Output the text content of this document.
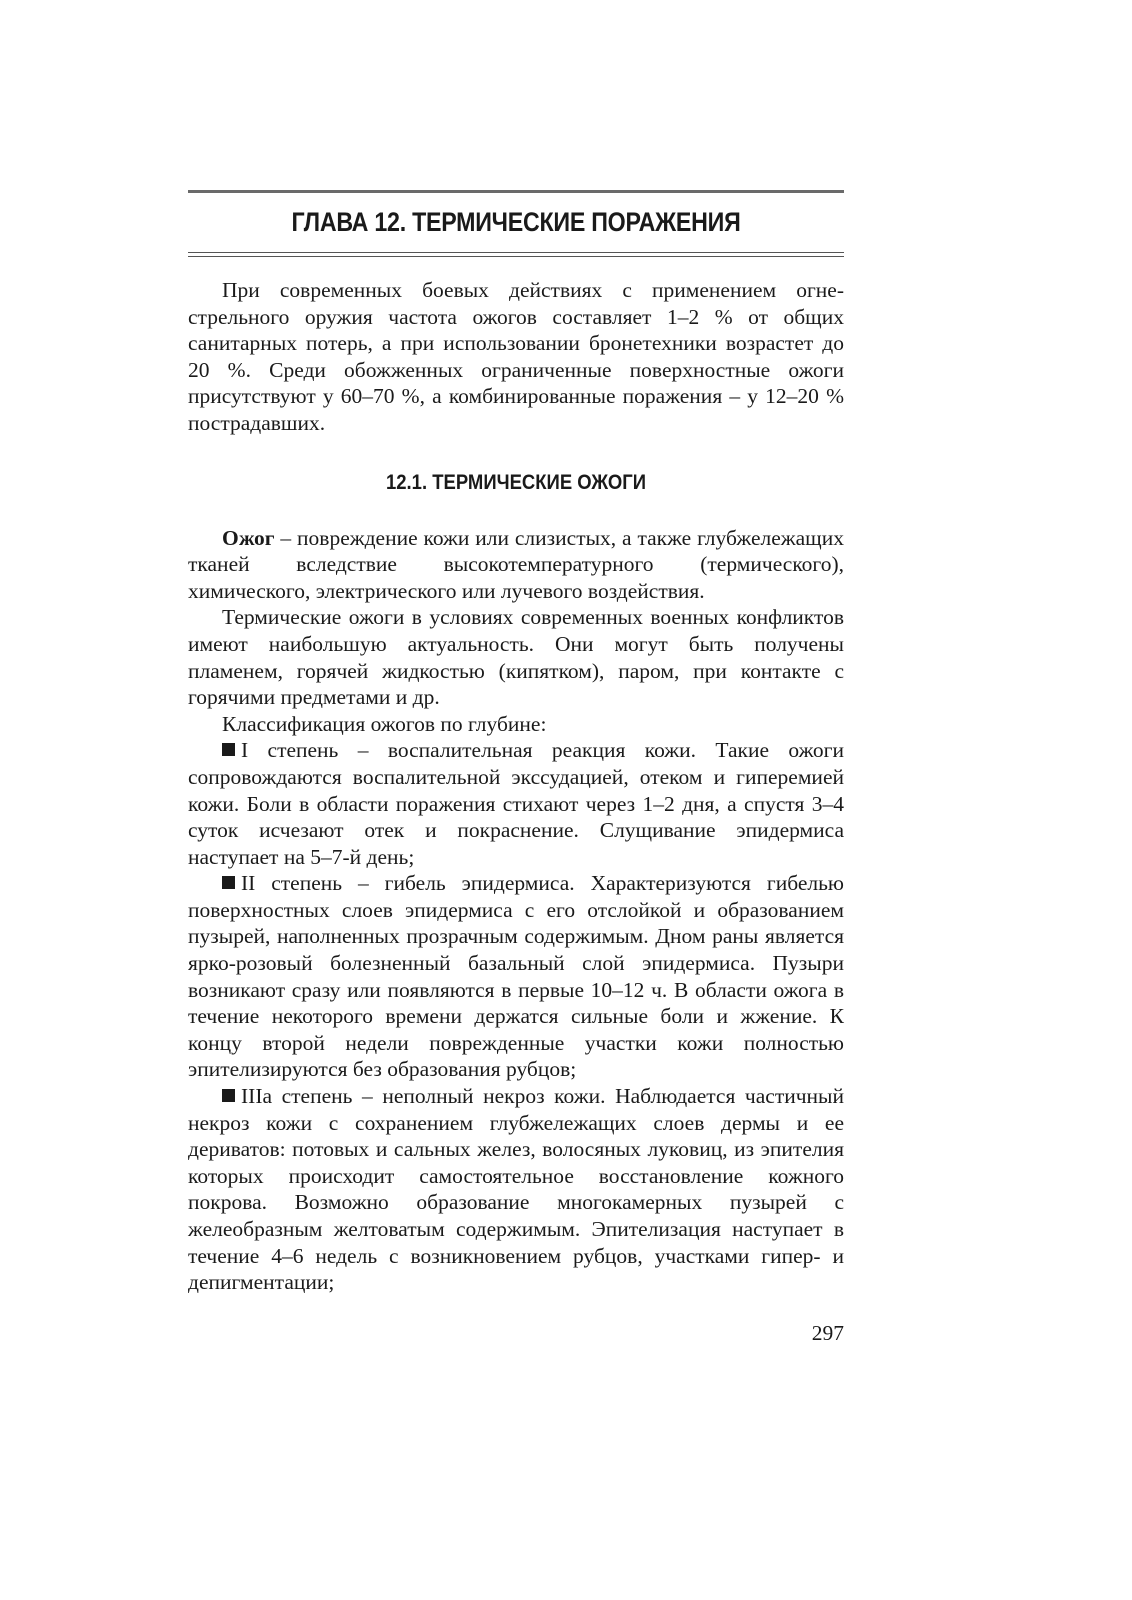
ГЛАВА 12. ТЕРМИЧЕСКИЕ ПОРАЖЕНИЯ

При современных боевых действиях с применением огнестрельного оружия частота ожогов составляет 1–2 % от общих санитарных потерь, а при использовании бронетехники возрастет до 20 %. Среди обожженных ограниченные поверхностные ожоги присутствуют у 60–70 %, а комбинированные поражения – у 12–20 % пострадавших.

12.1. ТЕРМИЧЕСКИЕ ОЖОГИ

Ожог – повреждение кожи или слизистых, а также глубжележащих тканей вследствие высокотемпературного (термического), химического, электрического или лучевого воздействия.

Термические ожоги в условиях современных военных конфликтов имеют наибольшую актуальность. Они могут быть получены пламенем, горячей жидкостью (кипятком), паром, при контакте с горячими предметами и др.

Классификация ожогов по глубине:

I степень – воспалительная реакция кожи. Такие ожоги сопровождаются воспалительной экссудацией, отеком и гиперемией кожи. Боли в области поражения стихают через 1–2 дня, а спустя 3–4 суток исчезают отек и покраснение. Слущивание эпидермиса наступает на 5–7-й день;

II степень – гибель эпидермиса. Характеризуются гибелью поверхностных слоев эпидермиса с его отслойкой и образованием пузырей, наполненных прозрачным содержимым. Дном раны является ярко-розовый болезненный базальный слой эпидермиса. Пузыри возникают сразу или появляются в первые 10–12 ч. В области ожога в течение некоторого времени держатся сильные боли и жжение. К концу второй недели поврежденные участки кожи полностью эпителизируются без образования рубцов;

IIIа степень – неполный некроз кожи. Наблюдается частичный некроз кожи с сохранением глубжележащих слоев дермы и ее дериватов: потовых и сальных желез, волосяных луковиц, из эпителия которых происходит самостоятельное восстановление кожного покрова. Возможно образование многокамерных пузырей с желеобразным желтоватым содержимым. Эпителизация наступает в течение 4–6 недель с возникновением рубцов, участками гипер- и депигментации;

297
